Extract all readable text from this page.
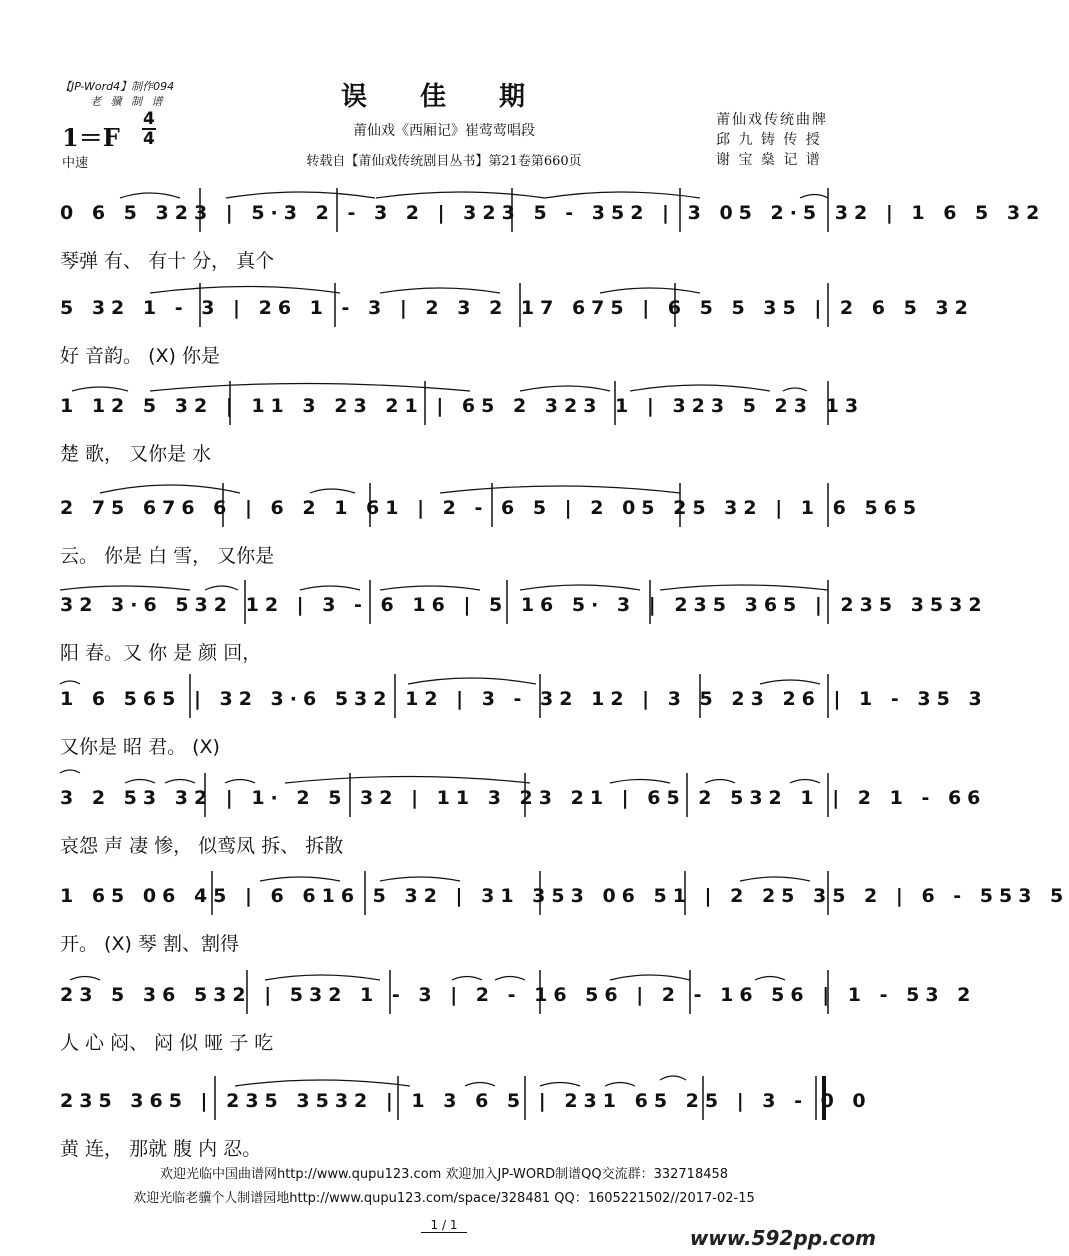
【JP-Word4】制作094
老 骥 制 谱	误 佳 期
莆仙戏《西厢记》崔莺莺唱段
转载自【莆仙戏传统剧目丛书】第21卷第660页
莆仙戏传统曲牌
邱 九 铸 传 授
谢 宝 燊 记 谱
1＝F
4
4
中速
0 6 5 323 | 5·3 2 - 3 2 | 323 5 - 352 | 3 05 2·5 32 | 1 6 5 32
琴弹 有、 有十 分， 真个
5 32 1 - 3 | 26 1 - 3 | 2 3 2 17 675 | 6 5 5 35 | 2 6 5 32
好 音韵。 (X) 你是
1 12 5 32 | 11 3 23 21 | 65 2 323 1 | 323 5 23 13
楚 歌， 又你是 水
2 75 676 6 | 6 2 1 61 | 2 - 6 5 | 2 05 25 32 | 1 6 565
云。 你是 白 雪， 又你是
32 3·6 532 12 | 3 - 6 16 | 5 16 5· 3 | 235 365 | 235 3532
阳 春。又 你 是 颜 回，
1 6 565 | 32 3·6 532 12 | 3 - 32 12 | 3 5 23 26 | 1 - 35 3
又你是 昭 君。 (X)
3 2 53 32 | 1· 2 5 32 | 11 3 23 21 | 65 2 532 1 | 2 1 - 66
哀怨 声 凄 惨， 似鸾凤 拆、 拆散
1 65 06 45 | 6 616 5 32 | 31 353 06 51 | 2 25 35 2 | 6 - 553 5
开。 (X) 琴 割、割得
23 5 36 532 | 532 1 - 3 | 2 - 16 56 | 2 - 16 56 | 1 - 53 2
人 心 闷、 闷 似 哑 子 吃
235 365 | 235 3532 | 1 3 6 5 | 231 65 25 | 3 - 0 0
黄 连， 那就 腹 内 忍。
欢迎光临中国曲谱网http://www.qupu123.com 欢迎加入JP-WORD制谱QQ交流群：332718458
欢迎光临老骥个人制谱园地http://www.qupu123.com/space/328481 QQ：1605221502//2017-02-15
1 / 1
www.592pp.com
